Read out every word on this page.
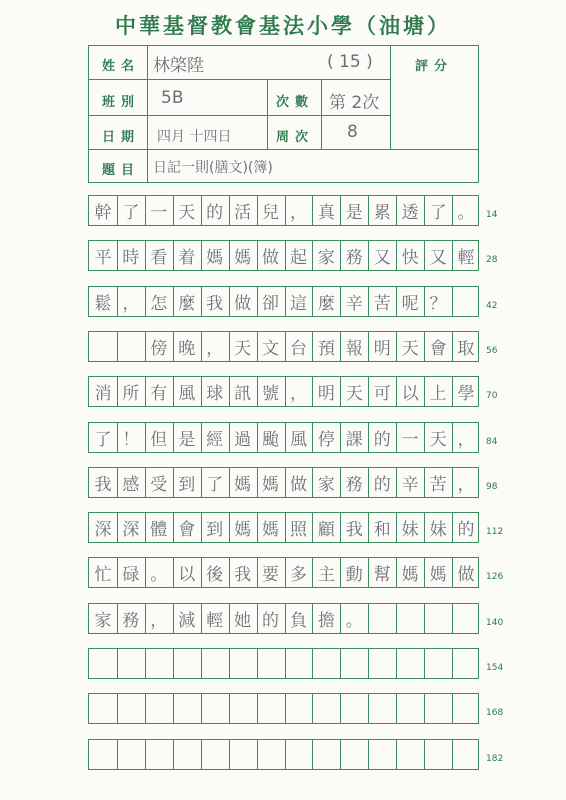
中華基督教會基法小學（油塘）
姓名 林棨陞	( 15 )	評分
班別 5B	次數 第 2次
日期 四月 十四日	周次 8
題目 日記一則(膳文)(簿)
幹 了 一 天 的 活 兒 ， 真 是 累 透 了 。	14
平 時 看 着 媽 媽 做 起 家 務 又 快 又 輕	28
鬆 ， 怎 麼 我 做 卻 這 麼 辛 苦 呢 ？	42
傍 晚 ， 天 文 台 預 報 明 天 會 取	56
消 所 有 風 球 訊 號 ， 明 天 可 以 上 學	70
了 ！ 但 是 經 過 颱 風 停 課 的 一 天 ，	84
我 感 受 到 了 媽 媽 做 家 務 的 辛 苦 ，	98
深 深 體 會 到 媽 媽 照 顧 我 和 妹 妹 的	112
忙 碌 。 以 後 我 要 多 主 動 幫 媽 媽 做	126
家 務 ， 減 輕 她 的 負 擔 。	140
154
168
182
